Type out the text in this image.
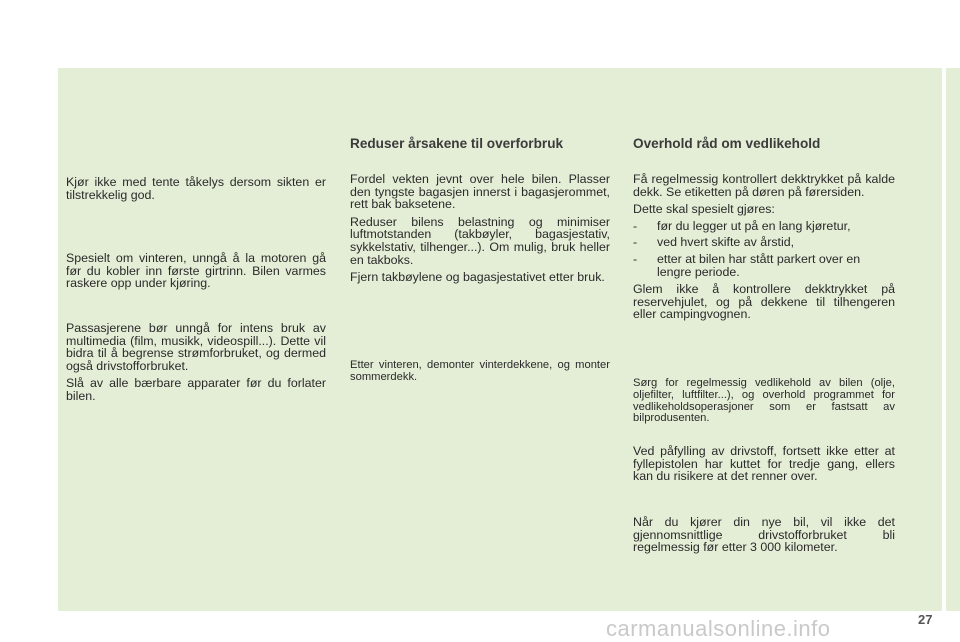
Kjør ikke med tente tåkelys dersom sikten er tilstrekkelig god.

Spesielt om vinteren, unngå å la motoren gå før du kobler inn første girtrinn. Bilen varmes raskere opp under kjøring.

Passasjerene bør unngå for intens bruk av multimedia (film, musikk, videospill...). Dette vil bidra til å begrense strømforbruket, og dermed også drivstofforbruket.

Slå av alle bærbare apparater før du forlater bilen.

Reduser årsakene til overforbruk

Fordel vekten jevnt over hele bilen. Plasser den tyngste bagasjen innerst i bagasjerommet, rett bak baksetene.

Reduser bilens belastning og minimiser luftmotstanden (takbøyler, bagasjestativ, sykkelstativ, tilhenger...). Om mulig, bruk heller en takboks.

Fjern takbøylene og bagasjestativet etter bruk.

Etter vinteren, demonter vinterdekkene, og monter sommerdekk.

Overhold råd om vedlikehold

Få regelmessig kontrollert dekktrykket på kalde dekk. Se etiketten på døren på førersiden.

Dette skal spesielt gjøres:

-	før du legger ut på en lang kjøretur,
-	ved hvert skifte av årstid,
-	etter at bilen har stått parkert over en lengre periode.

Glem ikke å kontrollere dekktrykket på reservehjulet, og på dekkene til tilhengeren eller campingvognen.

Sørg for regelmessig vedlikehold av bilen (olje, oljefilter, luftfilter...), og overhold programmet for vedlikeholdsoperasjoner som er fastsatt av bilprodusenten.

Ved påfylling av drivstoff, fortsett ikke etter at fyllepistolen har kuttet for tredje gang, ellers kan du risikere at det renner over.

Når du kjører din nye bil, vil ikke det gjennomsnittlige drivstofforbruket bli regelmessig før etter 3 000 kilometer.

carmanualsonline.info	27
